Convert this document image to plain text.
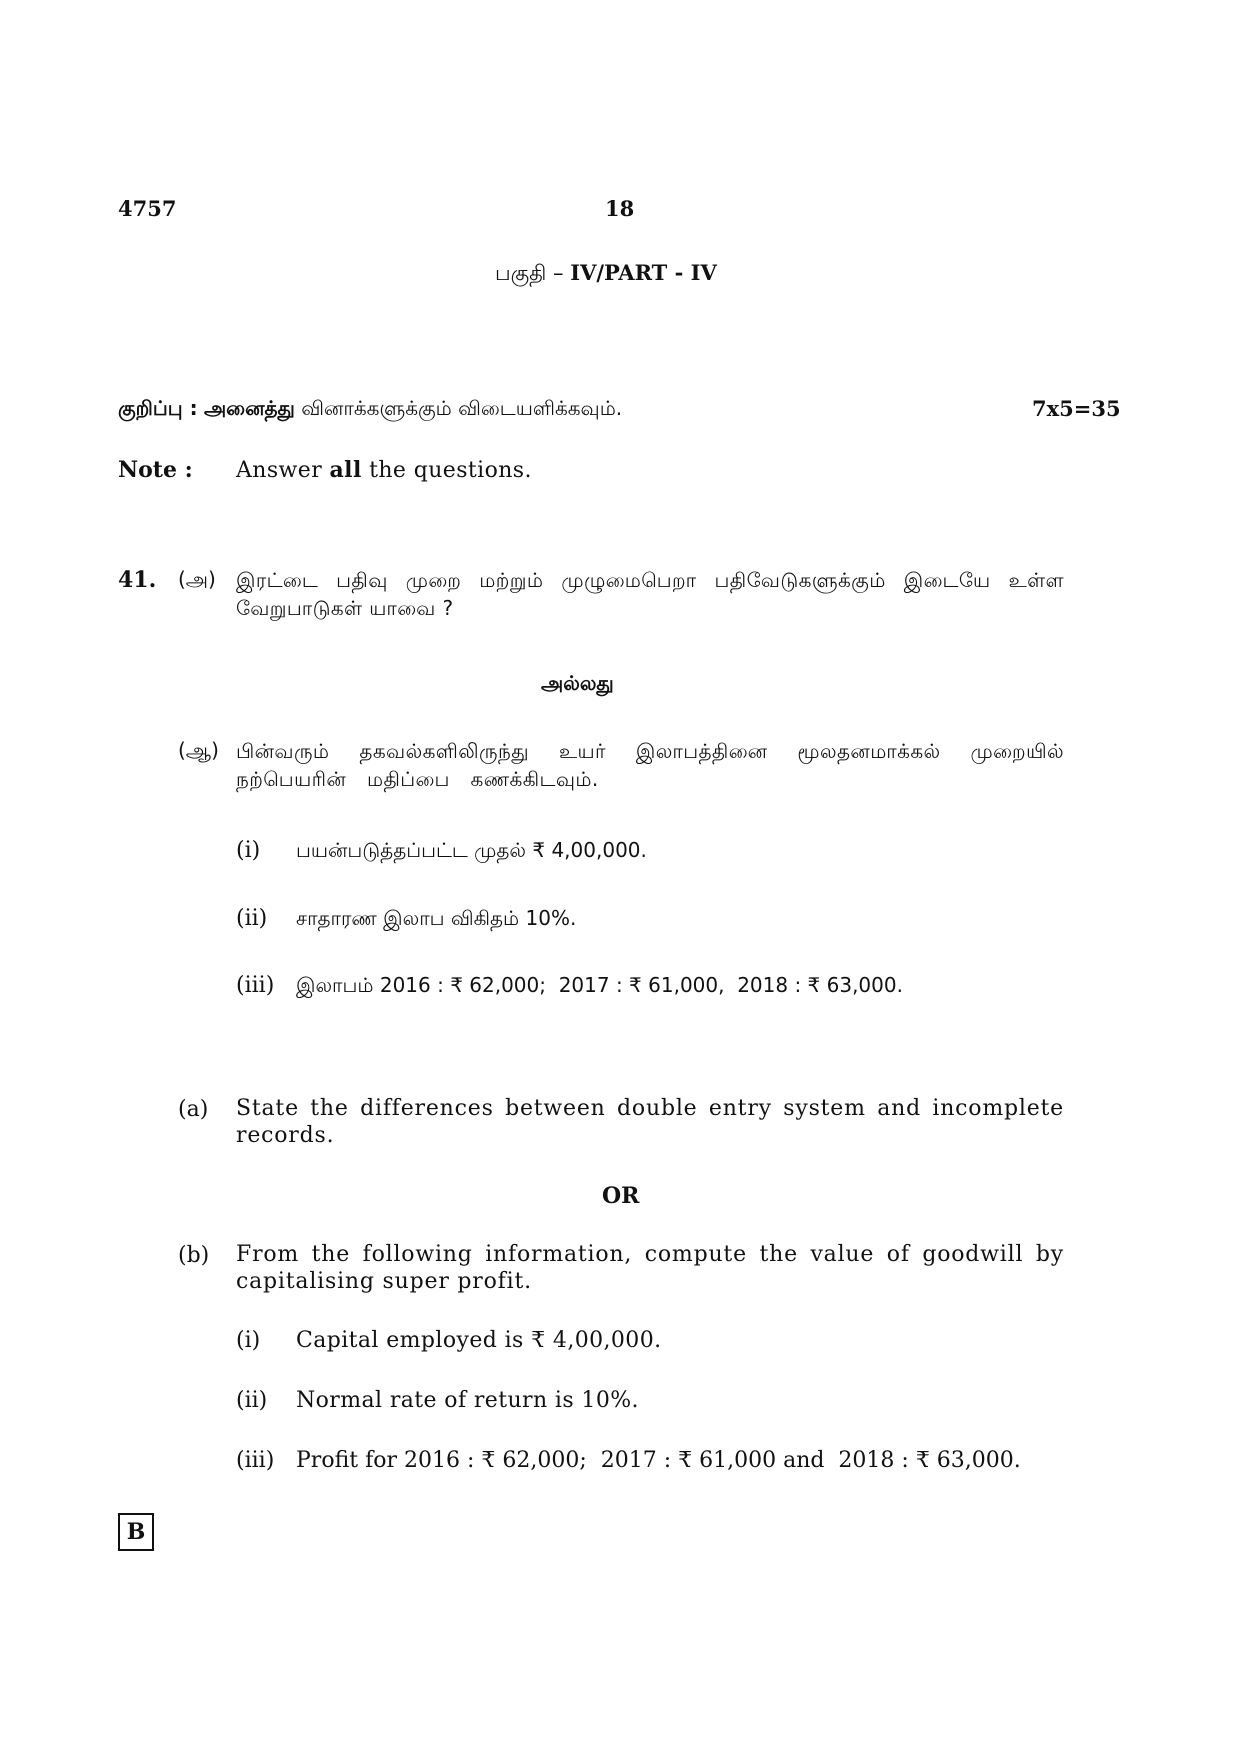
4757	18
பகுதி – IV/PART - IV
குறிப்பு : அனைத்து வினாக்களுக்கும் விடையளிக்கவும்.	7x5=35
Note : Answer all the questions.
41. (அ) இரட்டை பதிவு முறை மற்றும் முழுமைபெறா பதிவேடுகளுக்கும் இடையே உள்ள வேறுபாடுகள் யாவை ?
அல்லது
(ஆ) பின்வரும் தகவல்களிலிருந்து உயர் இலாபத்தினை மூலதனமாக்கல் முறையில் நற்பெயரின் மதிப்பை கணக்கிடவும்.
(i) பயன்படுத்தப்பட்ட முதல் ₹ 4,00,000.
(ii) சாதாரண இலாப விகிதம் 10%.
(iii) இலாபம் 2016 : ₹ 62,000;  2017 : ₹ 61,000,  2018 : ₹ 63,000.
(a) State the differences between double entry system and incomplete records.
OR
(b) From the following information, compute the value of goodwill by capitalising super profit.
(i) Capital employed is ₹ 4,00,000.
(ii) Normal rate of return is 10%.
(iii) Profit for 2016 : ₹ 62,000;  2017 : ₹ 61,000 and  2018 : ₹ 63,000.
B
